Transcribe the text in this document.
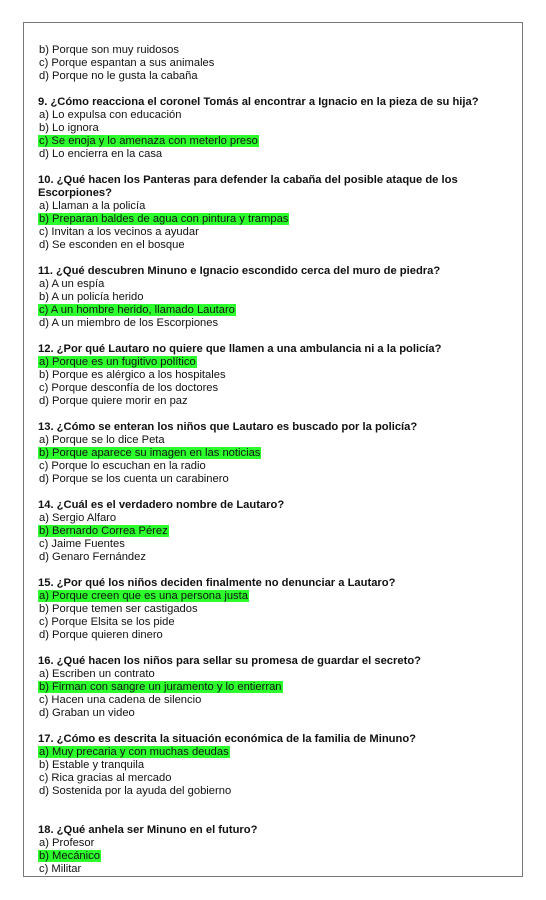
b) Porque son muy ruidosos
c) Porque espantan a sus animales
d) Porque no le gusta la cabaña
9. ¿Cómo reacciona el coronel Tomás al encontrar a Ignacio en la pieza de su hija?
a) Lo expulsa con educación
b) Lo ignora
c) Se enoja y lo amenaza con meterlo preso
d) Lo encierra en la casa
10. ¿Qué hacen los Panteras para defender la cabaña del posible ataque de los Escorpiones?
a) Llaman a la policía
b) Preparan baldes de agua con pintura y trampas
c) Invitan a los vecinos a ayudar
d) Se esconden en el bosque
11. ¿Qué descubren Minuno e Ignacio escondido cerca del muro de piedra?
a) A un espía
b) A un policía herido
c) A un hombre herido, llamado Lautaro
d) A un miembro de los Escorpiones
12. ¿Por qué Lautaro no quiere que llamen a una ambulancia ni a la policía?
a) Porque es un fugitivo político
b) Porque es alérgico a los hospitales
c) Porque desconfía de los doctores
d) Porque quiere morir en paz
13. ¿Cómo se enteran los niños que Lautaro es buscado por la policía?
a) Porque se lo dice Peta
b) Porque aparece su imagen en las noticias
c) Porque lo escuchan en la radio
d) Porque se los cuenta un carabinero
14. ¿Cuál es el verdadero nombre de Lautaro?
a) Sergio Alfaro
b) Bernardo Correa Pérez
c) Jaime Fuentes
d) Genaro Fernández
15. ¿Por qué los niños deciden finalmente no denunciar a Lautaro?
a) Porque creen que es una persona justa
b) Porque temen ser castigados
c) Porque Elsita se los pide
d) Porque quieren dinero
16. ¿Qué hacen los niños para sellar su promesa de guardar el secreto?
a) Escriben un contrato
b) Firman con sangre un juramento y lo entierran
c) Hacen una cadena de silencio
d) Graban un video
17. ¿Cómo es descrita la situación económica de la familia de Minuno?
a) Muy precaria y con muchas deudas
b) Estable y tranquila
c) Rica gracias al mercado
d) Sostenida por la ayuda del gobierno
18. ¿Qué anhela ser Minuno en el futuro?
a) Profesor
b) Mecánico
c) Militar
